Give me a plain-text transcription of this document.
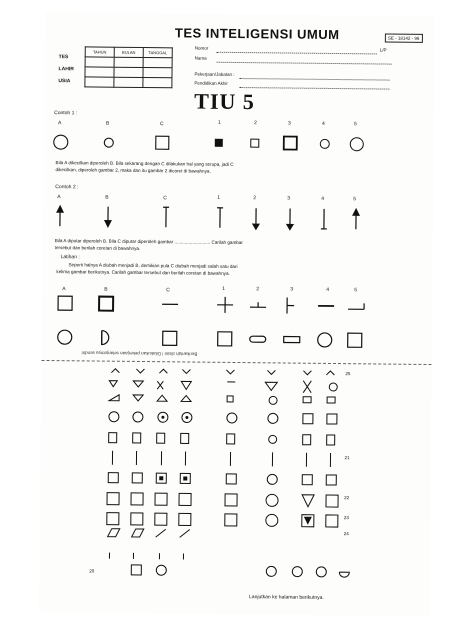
TES INTELIGENSI UMUM	SE - 18142 - 96
TES
LAHIR
USIA
TAHUN	BULAN	TANGGAL

Nomor	L/P
Nama
Pekerjaan/Jabatan :
Pendidikan Akhir
TIU 5
Contoh 1 :
A	B	C	1	2	3	4	5
Bila A dikecilkan diperoleh B. Bila sekarang dengan C dilakukan hal yang serupa, jadi C
dikecilkan, diperoleh gambar 2, maka dan itu gambar 2 dicoret di bawahnya.
Contoh 2 :
A	B	C	1	2	3	4	5
Bila A diputar diperoleh B. Bila C diputar diperoleh gambar ............................ Carilah gambar
tersebut dan berilah coretan di bawahnya.
Latihan :
Seperti halnya A diubah menjadi B, demikian pula C diubah menjadi salah satu dari
kelima gambar berikutnya. Carilah gambar tersebut dan berilah coretan di bawahnya.
A	B	C	1	2	3	4	5
Berikanlah disini ! Dilakukan pekerjaan selanjutnya sendiri
20
21
22
23
24
25
Lanjutkan ke halaman berikutnya.
